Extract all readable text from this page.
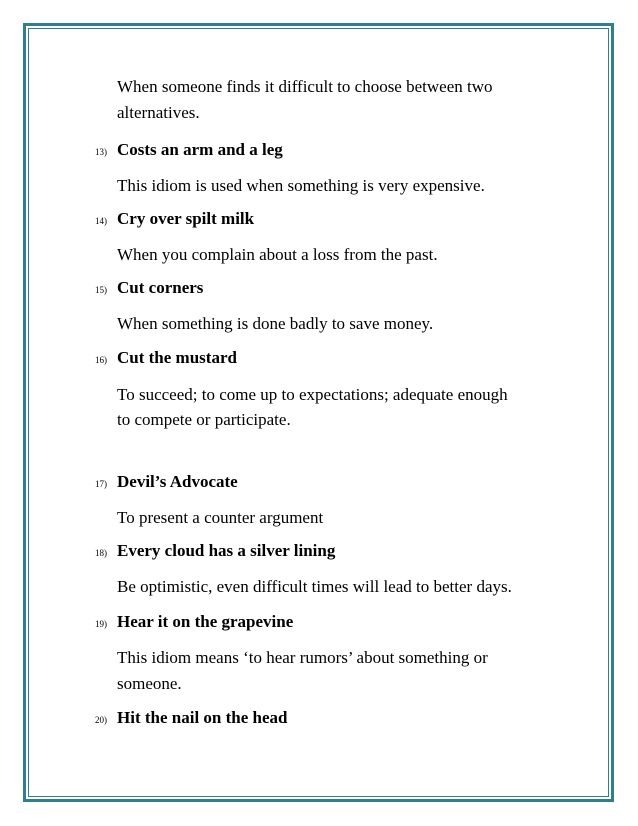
When someone finds it difficult to choose between two
alternatives.
13) Costs an arm and a leg
This idiom is used when something is very expensive.
14) Cry over spilt milk
When you complain about a loss from the past.
15) Cut corners
When something is done badly to save money.
16) Cut the mustard
To succeed; to come up to expectations; adequate enough
to compete or participate.
17) Devil’s Advocate
To present a counter argument
18) Every cloud has a silver lining
Be optimistic, even difficult times will lead to better days.
19) Hear it on the grapevine
This idiom means ‘to hear rumors’ about something or
someone.
20) Hit the nail on the head
